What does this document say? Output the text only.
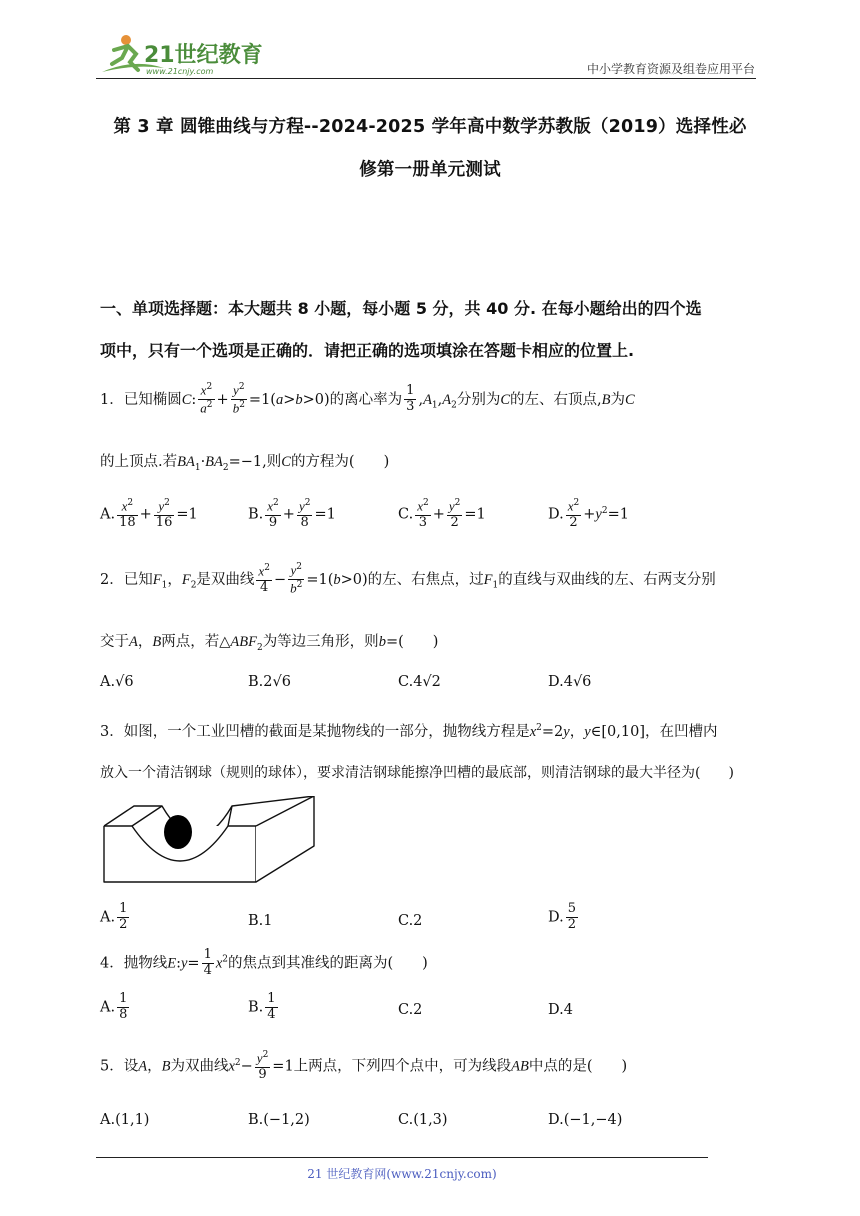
21世纪教育
www.21cnjy.com	中小学教育资源及组卷应用平台
第 3 章 圆锥曲线与方程--2024-2025 学年高中数学苏教版（2019）选择性必
修第一册单元测试
一、单项选择题：本大题共 8 小题，每小题 5 分，共 40 分. 在每小题给出的四个选
项中，只有一个选项是正确的．请把正确的选项填涂在答题卡相应的位置上.
1．已知椭圆C: $\frac{x^2}{a^2} + \frac{y^2}{b^2} =1(a>b>0)$的离心率为 $\frac{1}{3} ,A_1,A_2$分别为C的左、右顶点,B为C
的上顶点.若$BA_1\cdot BA_2=-1$,则C的方程为(　　)
A. $\frac{x^2}{18} + \frac{y^2}{16} =1$	B. $\frac{x^2}{9} + \frac{y^2}{8} =1$	C. $\frac{x^2}{3} + \frac{y^2}{2} =1$	D. $\frac{x^2}{2} +y^2=1$
2．已知$F_1$，$F_2$是双曲线 $\frac{x^2}{4} - \frac{y^2}{b^2} =1(b>0)$的左、右焦点，过$F_1$的直线与双曲线的左、右两支分别
交于A，B两点，若$\triangle ABF_2$为等边三角形，则b=(　　)
A.√6	B.2√6	C.4√2	D.4√6
3．如图，一个工业凹槽的截面是某抛物线的一部分，抛物线方程是$x^2=2y$，y∈[0,10]，在凹槽内
放入一个清洁钢球（规则的球体），要求清洁钢球能擦净凹槽的最底部，则清洁钢球的最大半径为(　　)
A. $\frac{1}{2}$	B.1	C.2	D. $\frac{5}{2}$
4．抛物线E:y= $\frac{1}{4} x^2$的焦点到其准线的距离为(　　)
A. $\frac{1}{8}$	B. $\frac{1}{4}$	C.2	D.4
5．设A，B为双曲线$x^2- \frac{y^2}{9} =1$上两点，下列四个点中，可为线段AB中点的是(　　)
A.(1,1)	B.(−1,2)	C.(1,3)	D.(−1,−4)
21 世纪教育网(www.21cnjy.com)
